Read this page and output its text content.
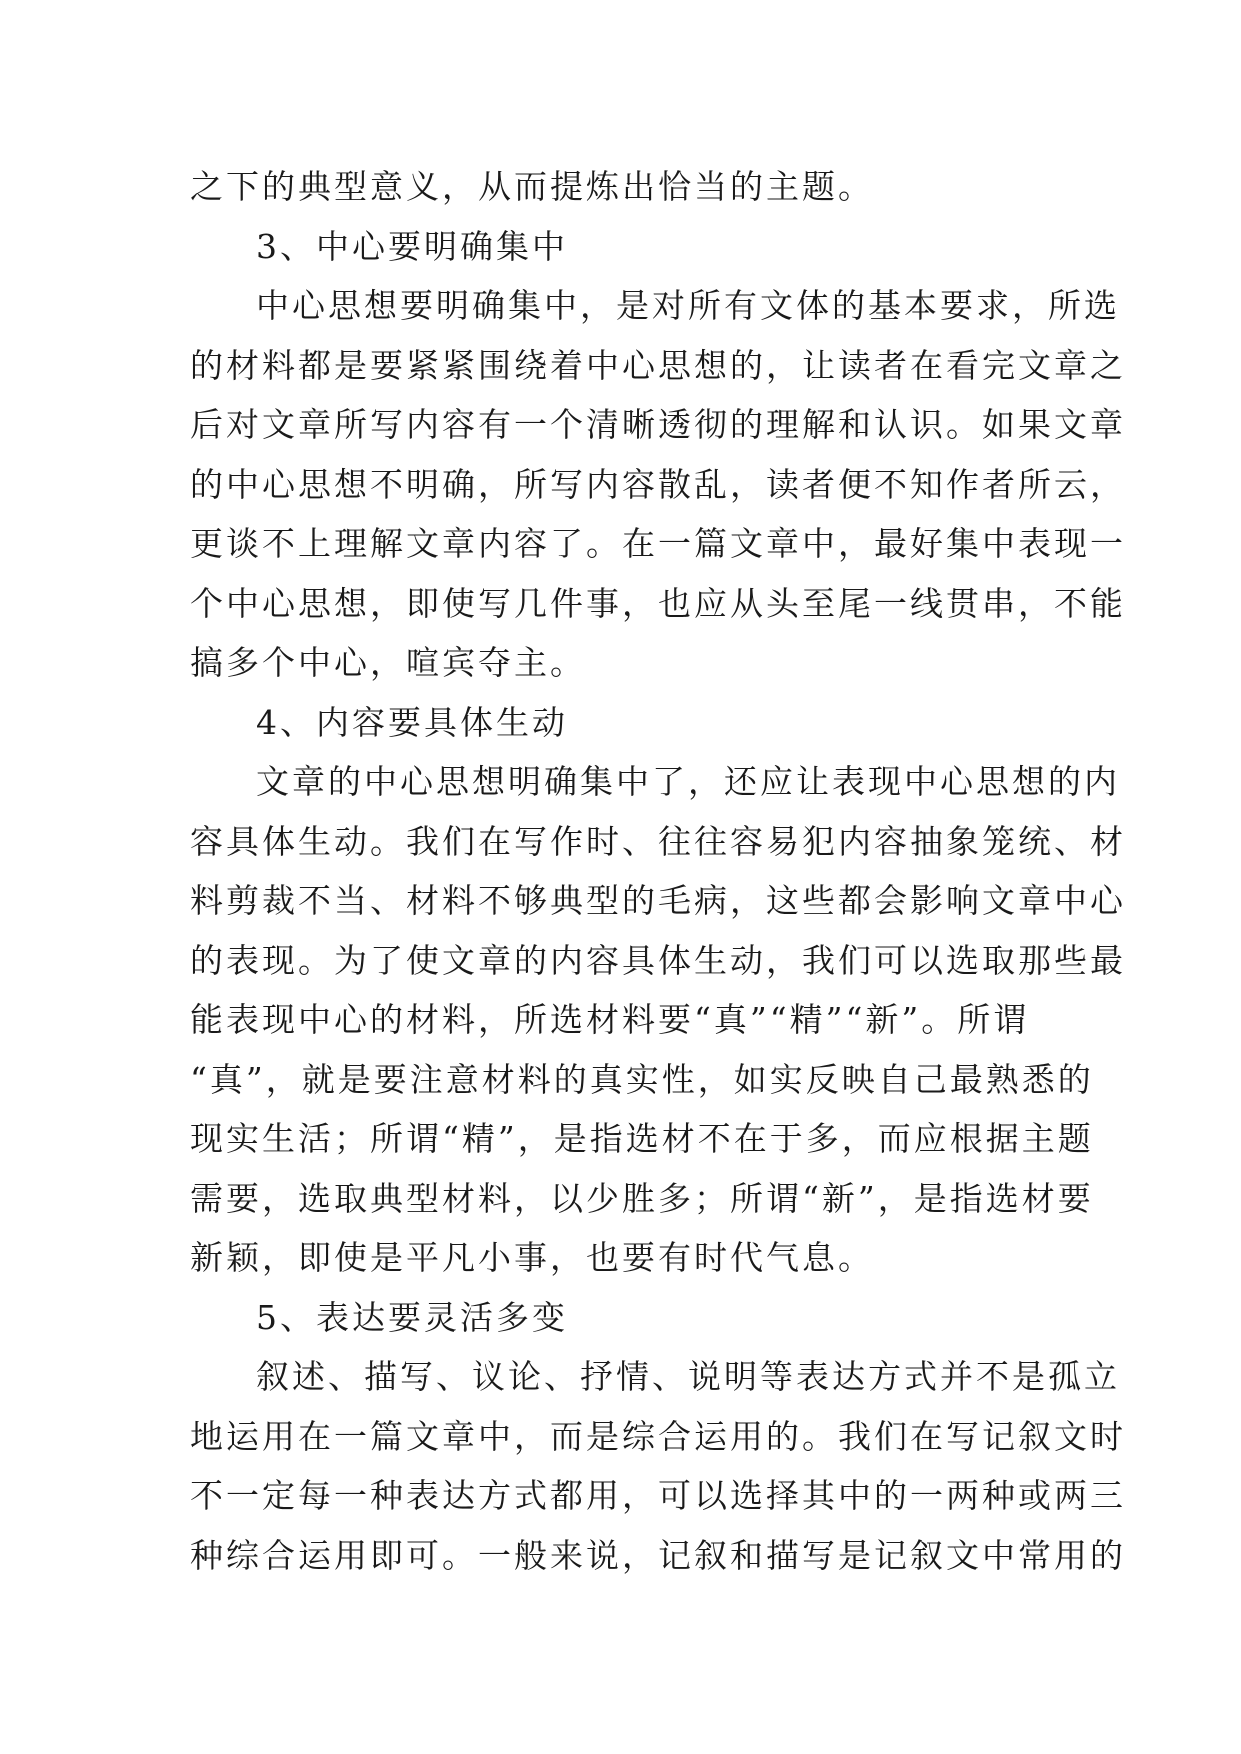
之下的典型意义，从而提炼出恰当的主题。
3、中心要明确集中
中心思想要明确集中，是对所有文体的基本要求，所选
的材料都是要紧紧围绕着中心思想的，让读者在看完文章之
后对文章所写内容有一个清晰透彻的理解和认识。如果文章
的中心思想不明确，所写内容散乱，读者便不知作者所云，
更谈不上理解文章内容了。在一篇文章中，最好集中表现一
个中心思想，即使写几件事，也应从头至尾一线贯串，不能
搞多个中心，喧宾夺主。
4、内容要具体生动
文章的中心思想明确集中了，还应让表现中心思想的内
容具体生动。我们在写作时、往往容易犯内容抽象笼统、材
料剪裁不当、材料不够典型的毛病，这些都会影响文章中心
的表现。为了使文章的内容具体生动，我们可以选取那些最
能表现中心的材料，所选材料要“真”“精”“新”。所谓
“真”，就是要注意材料的真实性，如实反映自己最熟悉的
现实生活；所谓“精”，是指选材不在于多，而应根据主题
需要，选取典型材料，以少胜多；所谓“新”，是指选材要
新颖，即使是平凡小事，也要有时代气息。
5、表达要灵活多变
叙述、描写、议论、抒情、说明等表达方式并不是孤立
地运用在一篇文章中，而是综合运用的。我们在写记叙文时
不一定每一种表达方式都用，可以选择其中的一两种或两三
种综合运用即可。一般来说，记叙和描写是记叙文中常用的
